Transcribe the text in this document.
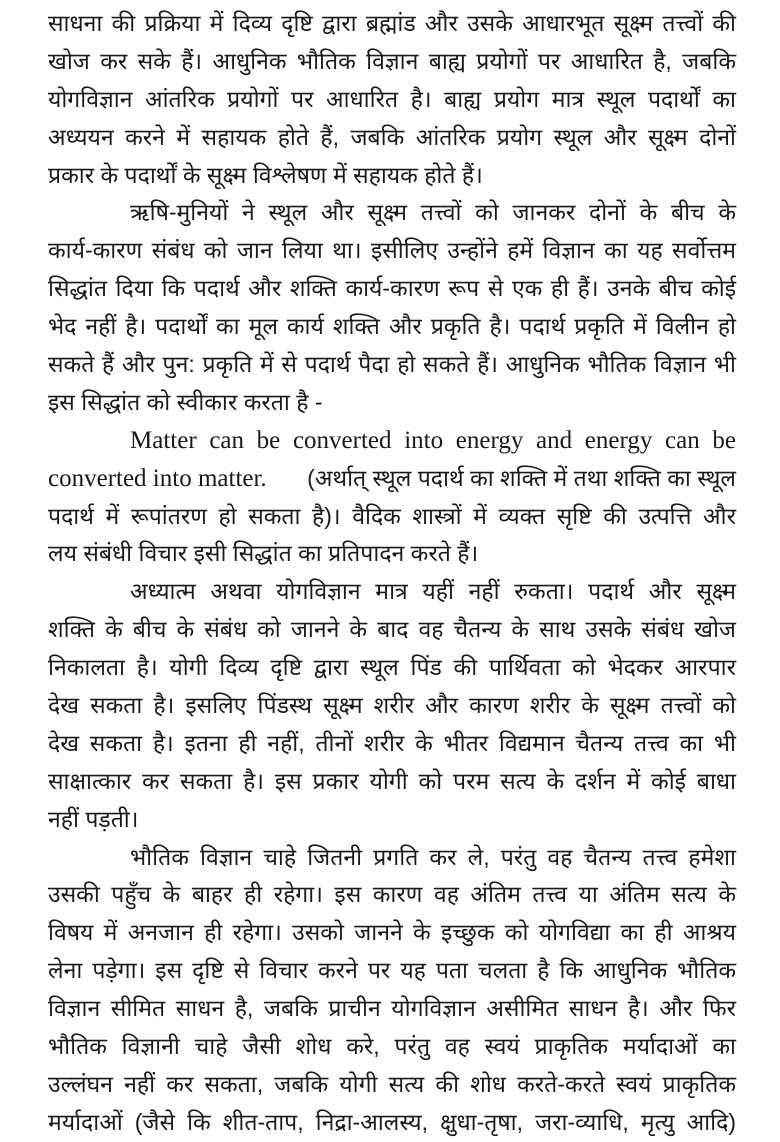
साधना की प्रक्रिया में दिव्य दृष्टि द्वारा ब्रह्मांड और उसके आधारभूत सूक्ष्म तत्त्वों की
खोज कर सके हैं। आधुनिक भौतिक विज्ञान बाह्य प्रयोगों पर आधारित है, जबकि
योगविज्ञान आंतरिक प्रयोगों पर आधारित है। बाह्य प्रयोग मात्र स्थूल पदार्थों का
अध्ययन करने में सहायक होते हैं, जबकि आंतरिक प्रयोग स्थूल और सूक्ष्म दोनों
प्रकार के पदार्थों के सूक्ष्म विश्लेषण में सहायक होते हैं।
ऋषि-मुनियों ने स्थूल और सूक्ष्म तत्त्वों को जानकर दोनों के बीच के
कार्य-कारण संबंध को जान लिया था। इसीलिए उन्होंने हमें विज्ञान का यह सर्वोत्तम
सिद्धांत दिया कि पदार्थ और शक्ति कार्य-कारण रूप से एक ही हैं। उनके बीच कोई
भेद नहीं है। पदार्थों का मूल कार्य शक्ति और प्रकृति है। पदार्थ प्रकृति में विलीन हो
सकते हैं और पुन: प्रकृति में से पदार्थ पैदा हो सकते हैं। आधुनिक भौतिक विज्ञान भी
इस सिद्धांत को स्वीकार करता है -
Matter can be converted into energy and energy can be
converted into matter. (अर्थात् स्थूल पदार्थ का शक्ति में तथा शक्ति का स्थूल
पदार्थ में रूपांतरण हो सकता है)। वैदिक शास्त्रों में व्यक्त सृष्टि की उत्पत्ति और
लय संबंधी विचार इसी सिद्धांत का प्रतिपादन करते हैं।
अध्यात्म अथवा योगविज्ञान मात्र यहीं नहीं रुकता। पदार्थ और सूक्ष्म
शक्ति के बीच के संबंध को जानने के बाद वह चैतन्य के साथ उसके संबंध खोज
निकालता है। योगी दिव्य दृष्टि द्वारा स्थूल पिंड की पार्थिवता को भेदकर आरपार
देख सकता है। इसलिए पिंडस्थ सूक्ष्म शरीर और कारण शरीर के सूक्ष्म तत्त्वों को
देख सकता है। इतना ही नहीं, तीनों शरीर के भीतर विद्यमान चैतन्य तत्त्व का भी
साक्षात्कार कर सकता है। इस प्रकार योगी को परम सत्य के दर्शन में कोई बाधा
नहीं पड़ती।
भौतिक विज्ञान चाहे जितनी प्रगति कर ले, परंतु वह चैतन्य तत्त्व हमेशा
उसकी पहुँच के बाहर ही रहेगा। इस कारण वह अंतिम तत्त्व या अंतिम सत्य के
विषय में अनजान ही रहेगा। उसको जानने के इच्छुक को योगविद्या का ही आश्रय
लेना पड़ेगा। इस दृष्टि से विचार करने पर यह पता चलता है कि आधुनिक भौतिक
विज्ञान सीमित साधन है, जबकि प्राचीन योगविज्ञान असीमित साधन है। और फिर
भौतिक विज्ञानी चाहे जैसी शोध करे, परंतु वह स्वयं प्राकृतिक मर्यादाओं का
उल्लंघन नहीं कर सकता, जबकि योगी सत्य की शोध करते-करते स्वयं प्राकृतिक
मर्यादाओं (जैसे कि शीत-ताप, निद्रा-आलस्य, क्षुधा-तृषा, जरा-व्याधि, मृत्यु आदि)
